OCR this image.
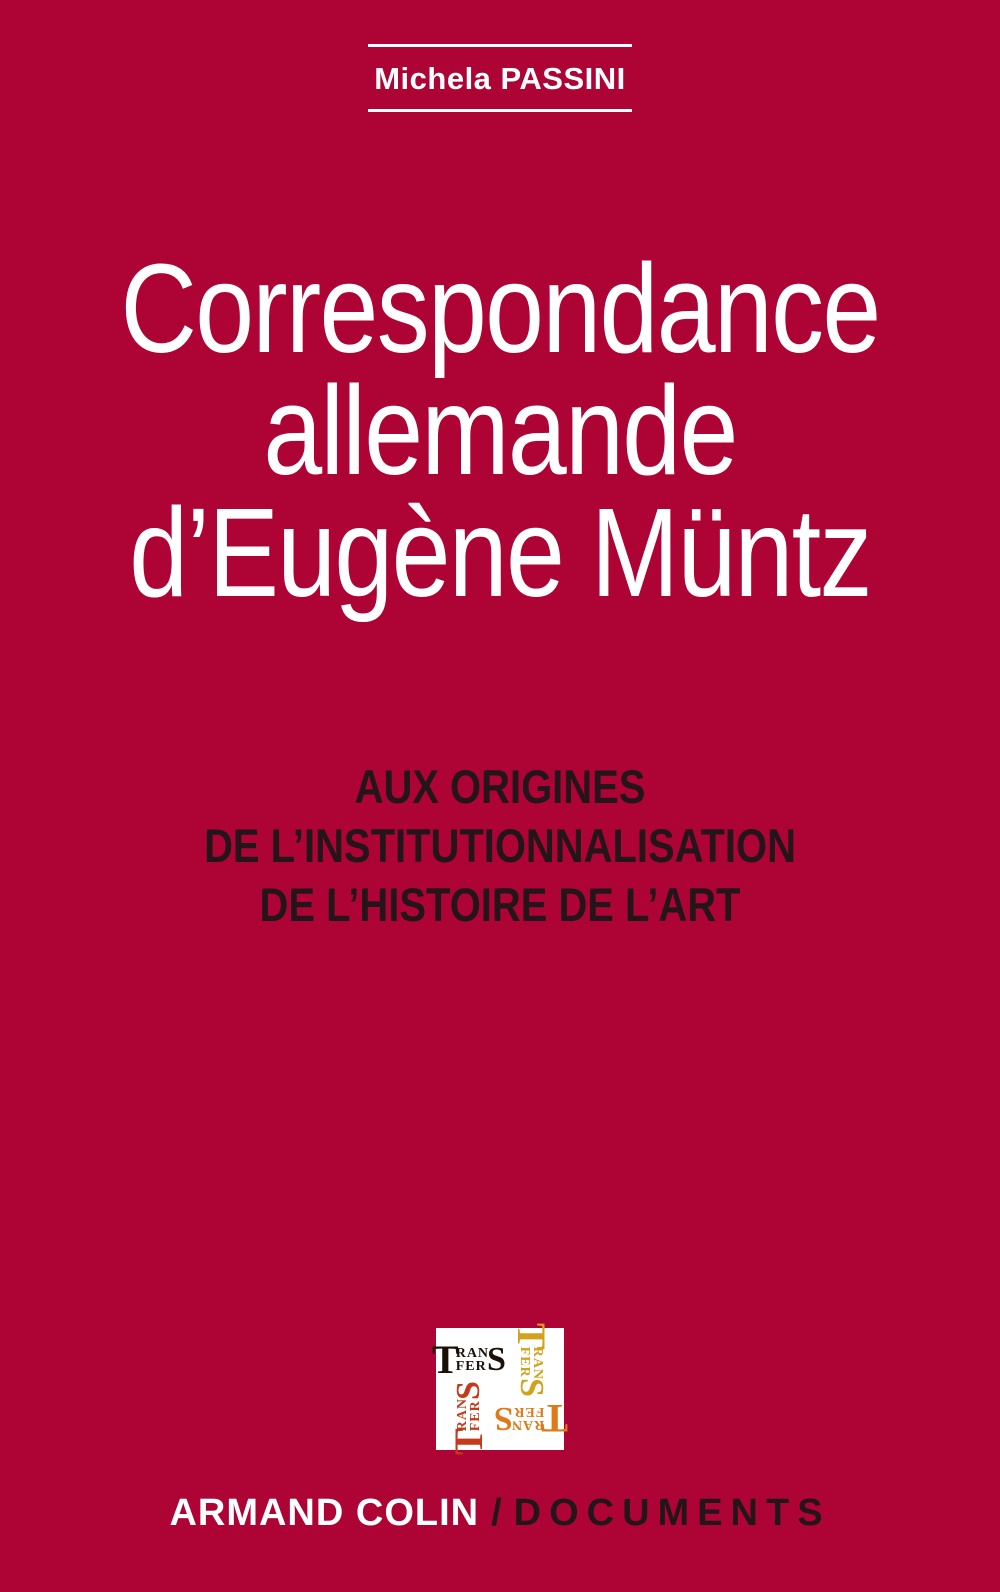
Michela PASSINI
Correspondance
allemande
d’Eugène Müntz
AUX ORIGINES
DE L’INSTITUTIONNALISATION
DE L’HISTOIRE DE L’ART
T
RAN
FER S
T
RAN
FER
S
T
RAN
FER
S
T
RAN
FER
S
ARMAND COLIN / DOCUMENTS
